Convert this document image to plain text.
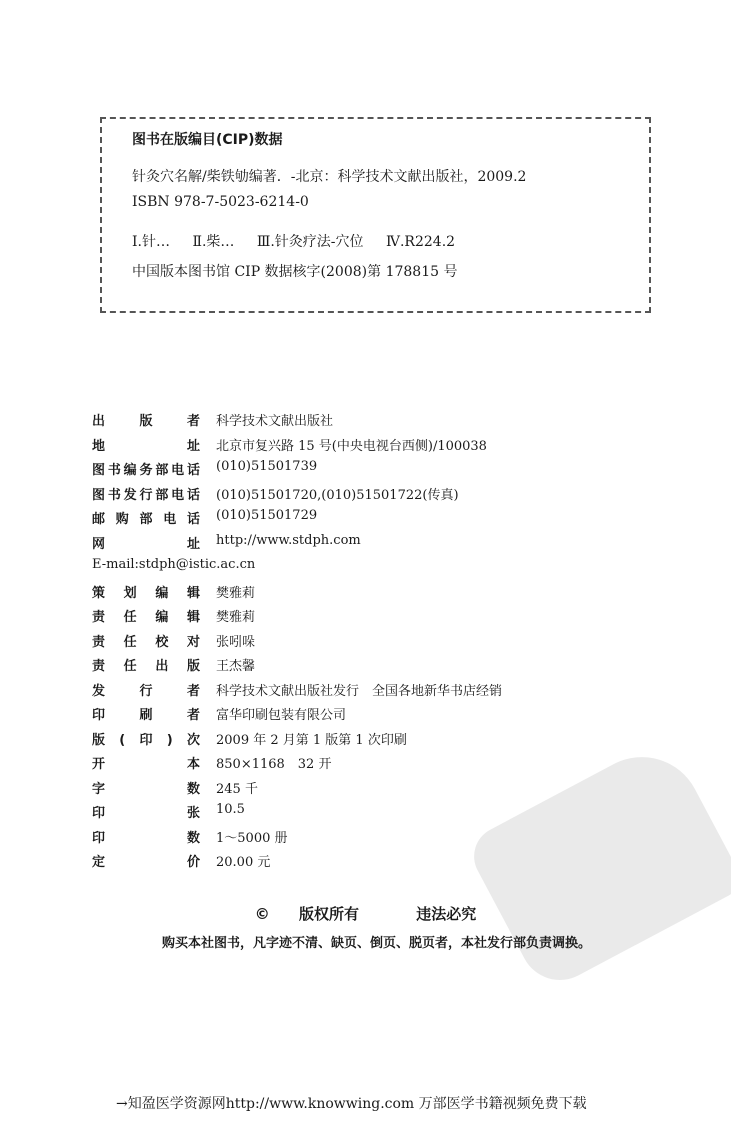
图书在版编目(CIP)数据
针灸穴名解/柴铁劬编著．-北京：科学技术文献出版社，2009.2
ISBN 978-7-5023-6214-0
Ⅰ.针… Ⅱ.柴… Ⅲ.针灸疗法-穴位 Ⅳ.R224.2
中国版本图书馆 CIP 数据核字(2008)第 178815 号
出版者 科学技术文献出版社
地址 北京市复兴路 15 号(中央电视台西侧)/100038
图书编务部电话 (010)51501739
图书发行部电话 (010)51501720,(010)51501722(传真)
邮购部电话 (010)51501729
网址 http://www.stdph.com
E-mail:stdph@istic.ac.cn
策划编辑 樊雅莉
责任编辑 樊雅莉
责任校对 张吲哚
责任出版 王杰馨
发行者 科学技术文献出版社发行　全国各地新华书店经销
印刷者 富华印刷包装有限公司
版(印)次 2009 年 2 月第 1 版第 1 次印刷
开本 850×1168　32 开
字数 245 千
印张 10.5
印数 1～5000 册
定价 20.00 元
© 版权所有	违法必究
购买本社图书，凡字迹不清、缺页、倒页、脱页者，本社发行部负责调换。
→知盈医学资源网http://www.knowwing.com 万部医学书籍视频免费下载
